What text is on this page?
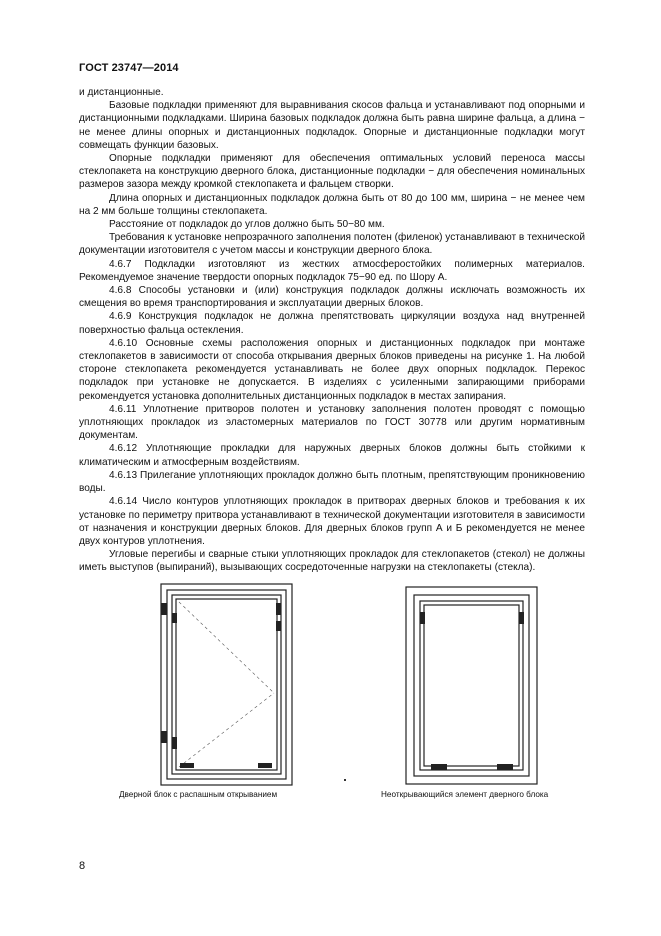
ГОСТ 23747—2014

и дистанционные.

Базовые подкладки применяют для выравнивания скосов фальца и устанавливают под опорными и дистанционными подкладками. Ширина базовых подкладок должна быть равна ширине фальца, а длина − не менее длины опорных и дистанционных подкладок. Опорные и дистанционные подкладки могут совмещать функции базовых.

Опорные подкладки применяют для обеспечения оптимальных условий переноса массы стеклопакета на конструкцию дверного блока, дистанционные подкладки − для обеспечения номинальных размеров зазора между кромкой стеклопакета и фальцем створки.

Длина опорных и дистанционных подкладок должна быть от 80 до 100 мм, ширина − не менее чем на 2 мм больше толщины стеклопакета.

Расстояние от подкладок до углов должно быть 50−80 мм.

Требования к установке непрозрачного заполнения полотен (филенок) устанавливают в технической документации изготовителя с учетом массы и конструкции дверного блока.

4.6.7 Подкладки изготовляют из жестких атмосферостойких полимерных материалов. Рекомендуемое значение твердости опорных подкладок 75−90 ед. по Шору А.

4.6.8 Способы установки и (или) конструкция подкладок должны исключать возможность их смещения во время транспортирования и эксплуатации дверных блоков.

4.6.9 Конструкция подкладок не должна препятствовать циркуляции воздуха над внутренней поверхностью фальца остекления.

4.6.10 Основные схемы расположения опорных и дистанционных подкладок при монтаже стеклопакетов в зависимости от способа открывания дверных блоков приведены на рисунке 1. На любой стороне стеклопакета рекомендуется устанавливать не более двух опорных подкладок. Перекос подкладок при установке не допускается. В изделиях с усиленными запирающими приборами рекомендуется установка дополнительных дистанционных подкладок в местах запирания.

4.6.11 Уплотнение притворов полотен и установку заполнения полотен проводят с помощью уплотняющих прокладок из эластомерных материалов по ГОСТ 30778 или другим нормативным документам.

4.6.12 Уплотняющие прокладки для наружных дверных блоков должны быть стойкими к климатическим и атмосферным воздействиям.

4.6.13 Прилегание уплотняющих прокладок должно быть плотным, препятствующим проникновению воды.

4.6.14 Число контуров уплотняющих прокладок в притворах дверных блоков и требования к их установке по периметру притвора устанавливают в технической документации изготовителя в зависимости от назначения и конструкции дверных блоков. Для дверных блоков групп А и Б рекомендуется не менее двух контуров уплотнения.

Угловые перегибы и сварные стыки уплотняющих прокладок для стеклопакетов (стекол) не должны иметь выступов (выпираний), вызывающих сосредоточенные нагрузки на стеклопакеты (стекла).

Дверной блок с распашным открыванием	Неоткрывающийся элемент дверного блока
8
